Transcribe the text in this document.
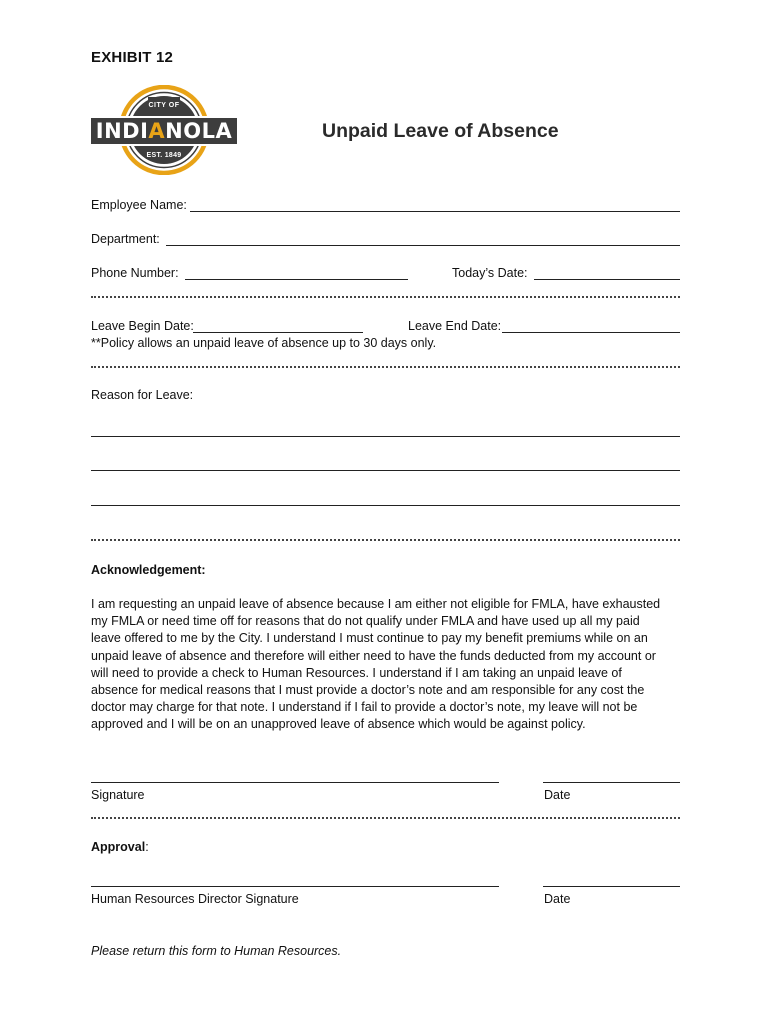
EXHIBIT 12
CITY OF
INDIANOLA
EST. 1849
Unpaid Leave of Absence
Employee Name:
Department:
Phone Number:	Today’s Date:
Leave Begin Date:	Leave End Date:
**Policy allows an unpaid leave of absence up to 30 days only.
Reason for Leave:
Acknowledgement:
I am requesting an unpaid leave of absence because I am either not eligible for FMLA, have exhausted
my FMLA or need time off for reasons that do not qualify under FMLA and have used up all my paid
leave offered to me by the City. I understand I must continue to pay my benefit premiums while on an
unpaid leave of absence and therefore will either need to have the funds deducted from my account or
will need to provide a check to Human Resources. I understand if I am taking an unpaid leave of
absence for medical reasons that I must provide a doctor’s note and am responsible for any cost the
doctor may charge for that note. I understand if I fail to provide a doctor’s note, my leave will not be
approved and I will be on an unapproved leave of absence which would be against policy.
Signature	Date
Approval:
Human Resources Director Signature	Date
Please return this form to Human Resources.
